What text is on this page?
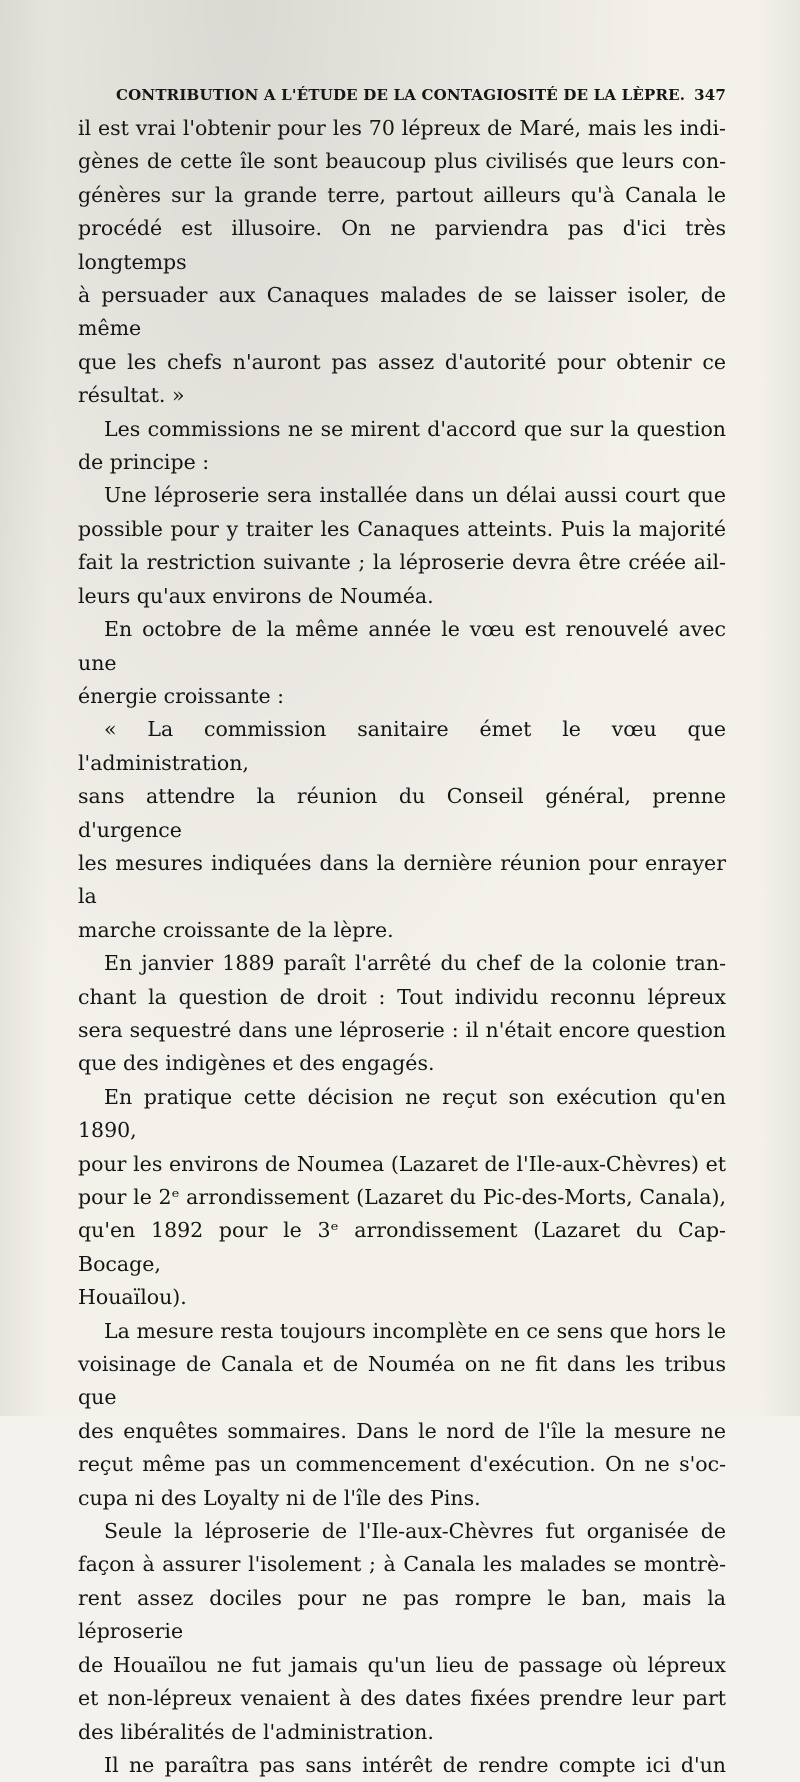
CONTRIBUTION A L'ÉTUDE DE LA CONTAGIOSITÉ DE LA LÈPRE. 347

il est vrai l'obtenir pour les 70 lépreux de Maré, mais les indi-

gènes de cette île sont beaucoup plus civilisés que leurs con-

génères sur la grande terre, partout ailleurs qu'à Canala le

procédé est illusoire. On ne parviendra pas d'ici très longtemps

à persuader aux Canaques malades de se laisser isoler, de même

que les chefs n'auront pas assez d'autorité pour obtenir ce

résultat. »

Les commissions ne se mirent d'accord que sur la question

de principe :

Une léproserie sera installée dans un délai aussi court que

possible pour y traiter les Canaques atteints. Puis la majorité

fait la restriction suivante ; la léproserie devra être créée ail-

leurs qu'aux environs de Nouméa.

En octobre de la même année le vœu est renouvelé avec une

énergie croissante :

« La commission sanitaire émet le vœu que l'administration,

sans attendre la réunion du Conseil général, prenne d'urgence

les mesures indiquées dans la dernière réunion pour enrayer la

marche croissante de la lèpre.

En janvier 1889 paraît l'arrêté du chef de la colonie tran-

chant la question de droit : Tout individu reconnu lépreux

sera sequestré dans une léproserie : il n'était encore question

que des indigènes et des engagés.

En pratique cette décision ne reçut son exécution qu'en 1890,

pour les environs de Noumea (Lazaret de l'Ile-aux-Chèvres) et

pour le 2ᵉ arrondissement (Lazaret du Pic-des-Morts, Canala),

qu'en 1892 pour le 3ᵉ arrondissement (Lazaret du Cap-Bocage,

Houaïlou).

La mesure resta toujours incomplète en ce sens que hors le

voisinage de Canala et de Nouméa on ne fit dans les tribus que

des enquêtes sommaires. Dans le nord de l'île la mesure ne

reçut même pas un commencement d'exécution. On ne s'oc-

cupa ni des Loyalty ni de l'île des Pins.

Seule la léproserie de l'Ile-aux-Chèvres fut organisée de

façon à assurer l'isolement ; à Canala les malades se montrè-

rent assez dociles pour ne pas rompre le ban, mais la léproserie

de Houaïlou ne fut jamais qu'un lieu de passage où lépreux

et non-lépreux venaient à des dates fixées prendre leur part

des libéralités de l'administration.

Il ne paraîtra pas sans intérêt de rendre compte ici d'un
